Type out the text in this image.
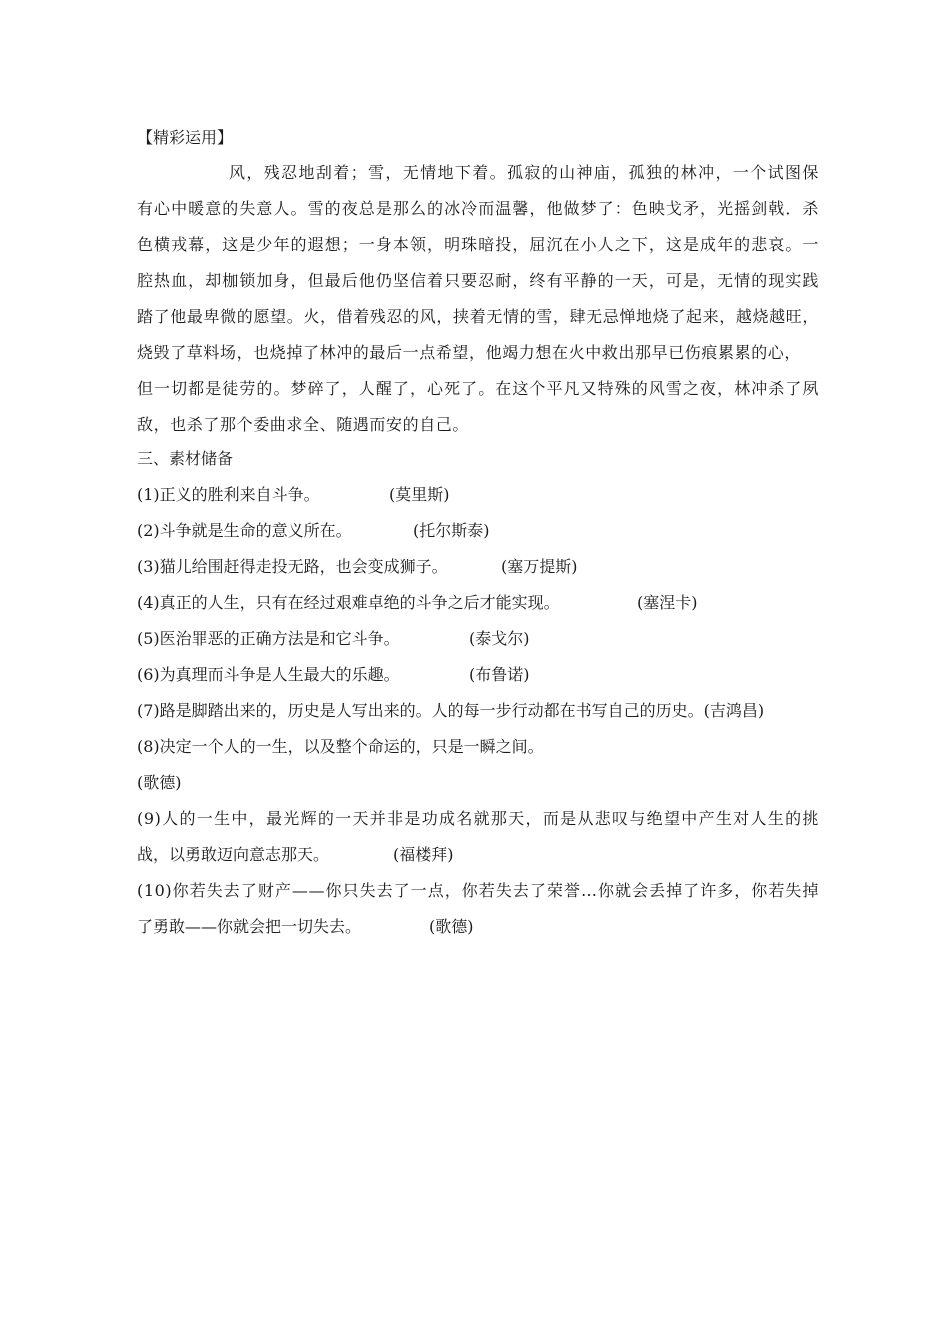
【精彩运用】
风，残忍地刮着；雪，无情地下着。孤寂的山神庙，孤独的林冲，一个试图保
有心中暖意的失意人。雪的夜总是那么的冰冷而温馨，他做梦了：色映戈矛，光摇剑戟．杀
色横戎幕，这是少年的遐想；一身本领，明珠暗投，屈沉在小人之下，这是成年的悲哀。一
腔热血，却枷锁加身，但最后他仍坚信着只要忍耐，终有平静的一天，可是，无情的现实践
踏了他最卑微的愿望。火，借着残忍的风，挟着无情的雪，肆无忌惮地烧了起来，越烧越旺，
烧毁了草料场，也烧掉了林冲的最后一点希望，他竭力想在火中救出那早已伤痕累累的心，
但一切都是徒劳的。梦碎了，人醒了，心死了。在这个平凡又特殊的风雪之夜，林冲杀了夙
敌，也杀了那个委曲求全、随遇而安的自己。
三、素材储备
(1)正义的胜利来自斗争。	(莫里斯)
(2)斗争就是生命的意义所在。	(托尔斯泰)
(3)猫儿给围赶得走投无路，也会变成狮子。	(塞万提斯)
(4)真正的人生，只有在经过艰难卓绝的斗争之后才能实现。	(塞涅卡)
(5)医治罪恶的正确方法是和它斗争。	(泰戈尔)
(6)为真理而斗争是人生最大的乐趣。	(布鲁诺)
(7)路是脚踏出来的，历史是人写出来的。人的每一步行动都在书写自己的历史。(吉鸿昌)
(8)决定一个人的一生，以及整个命运的，只是一瞬之间。
(歌德)
(9)人的一生中，最光辉的一天并非是功成名就那天，而是从悲叹与绝望中产生对人生的挑
战，以勇敢迈向意志那天。	(福楼拜)
(10)你若失去了财产——你只失去了一点，你若失去了荣誉…你就会丢掉了许多，你若失掉
了勇敢——你就会把一切失去。	(歌德)
